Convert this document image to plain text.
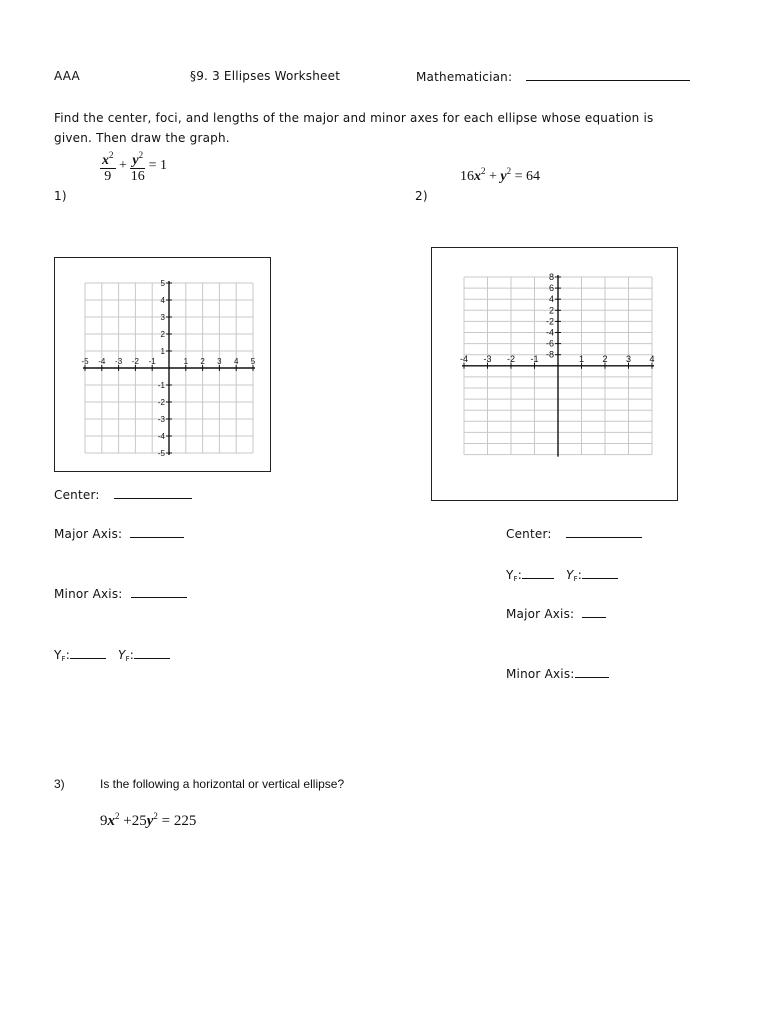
AAA	§9. 3 Ellipses Worksheet	Mathematician:
Find the center, foci, and lengths of the major and minor axes for each ellipse whose equation is given. Then draw the graph.
$\frac{x^2}{9} + \frac{y^2}{16} = 1$
1)
$16x^2 + y^2 = 64$
2)
-5 -4 -3 -2 -1	1 2 3 4 5
5
4
3
2
1
-1
-2
-3
-4
-5
-4 -3 -2 -1	1 2 3 4
8
6
4
2
-2
-4
-6
-8
Center:
Major Axis:
Minor Axis:
$Y_F$:	$Y_F$:
Center:
$Y_F$:	$Y_F$:
Major Axis:
Minor Axis:
3)	Is the following a horizontal or vertical ellipse?
$9x^2 +25y^2 = 225$
